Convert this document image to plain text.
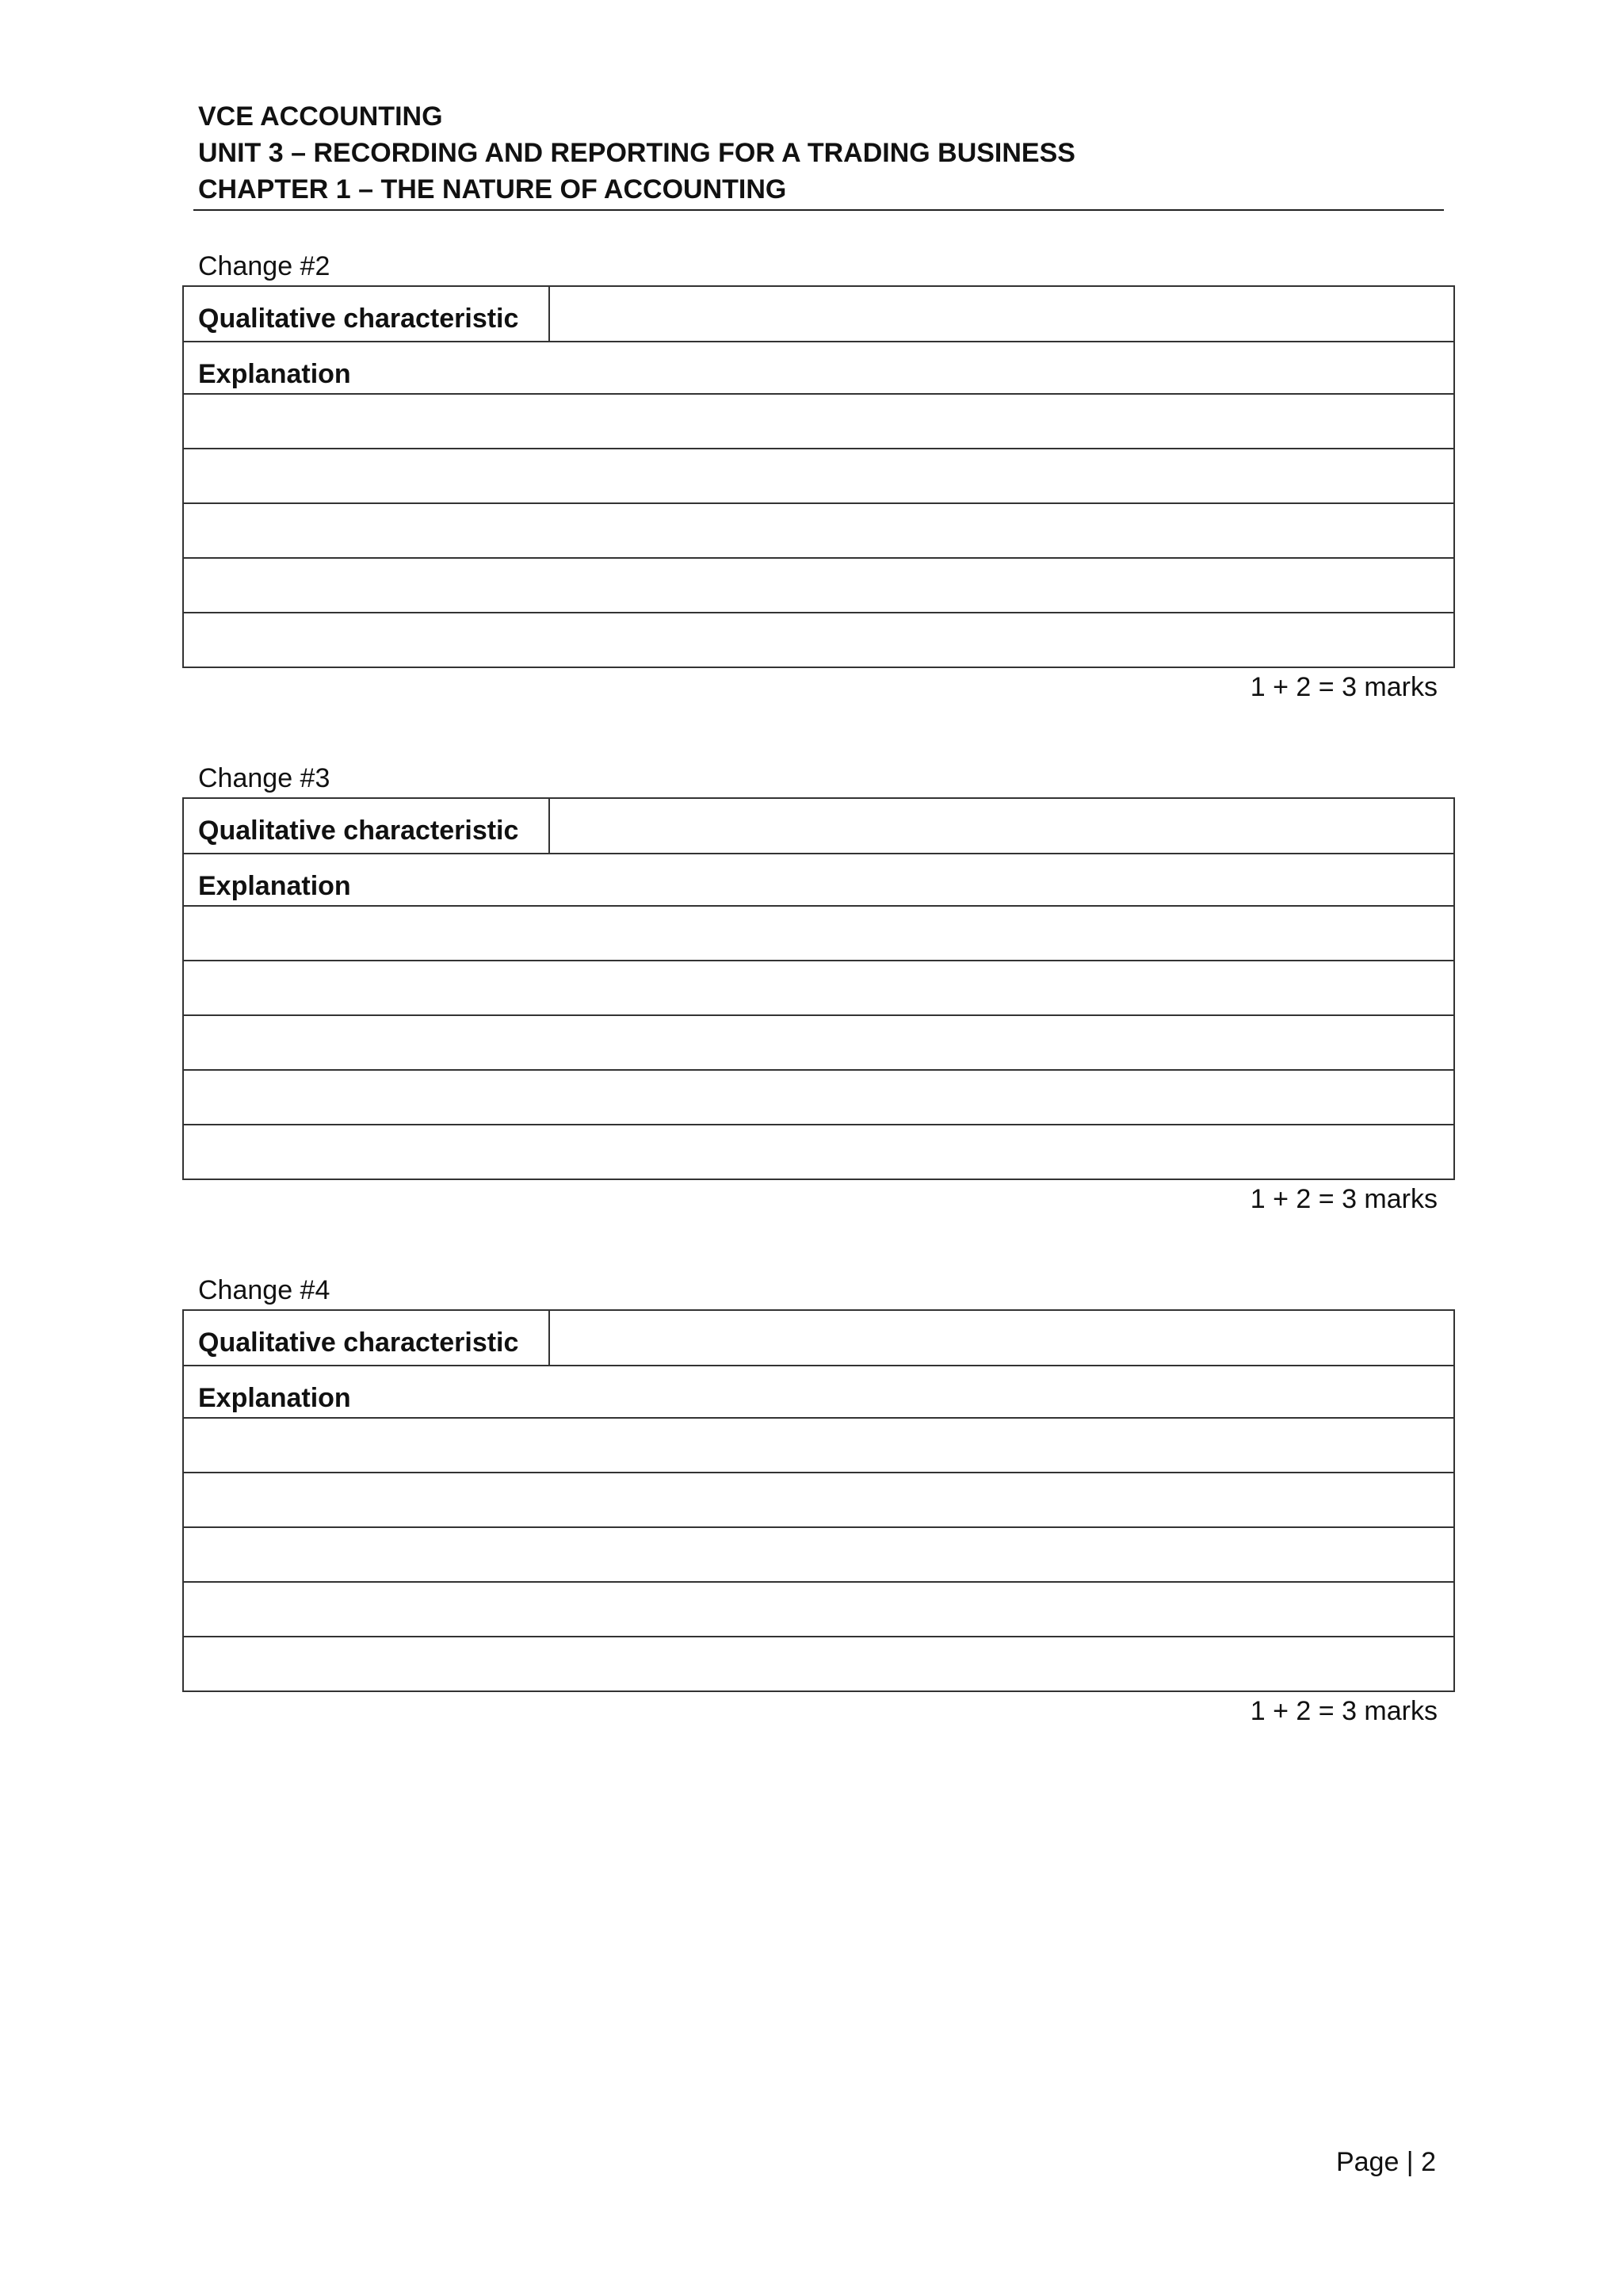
VCE ACCOUNTING
UNIT 3 – RECORDING AND REPORTING FOR A TRADING BUSINESS
CHAPTER 1 – THE NATURE OF ACCOUNTING
Change #2
Qualitative characteristic	
Explanation

1 + 2 = 3 marks
Change #3
Qualitative characteristic	
Explanation

1 + 2 = 3 marks
Change #4
Qualitative characteristic	
Explanation

1 + 2 = 3 marks
Page | 2
